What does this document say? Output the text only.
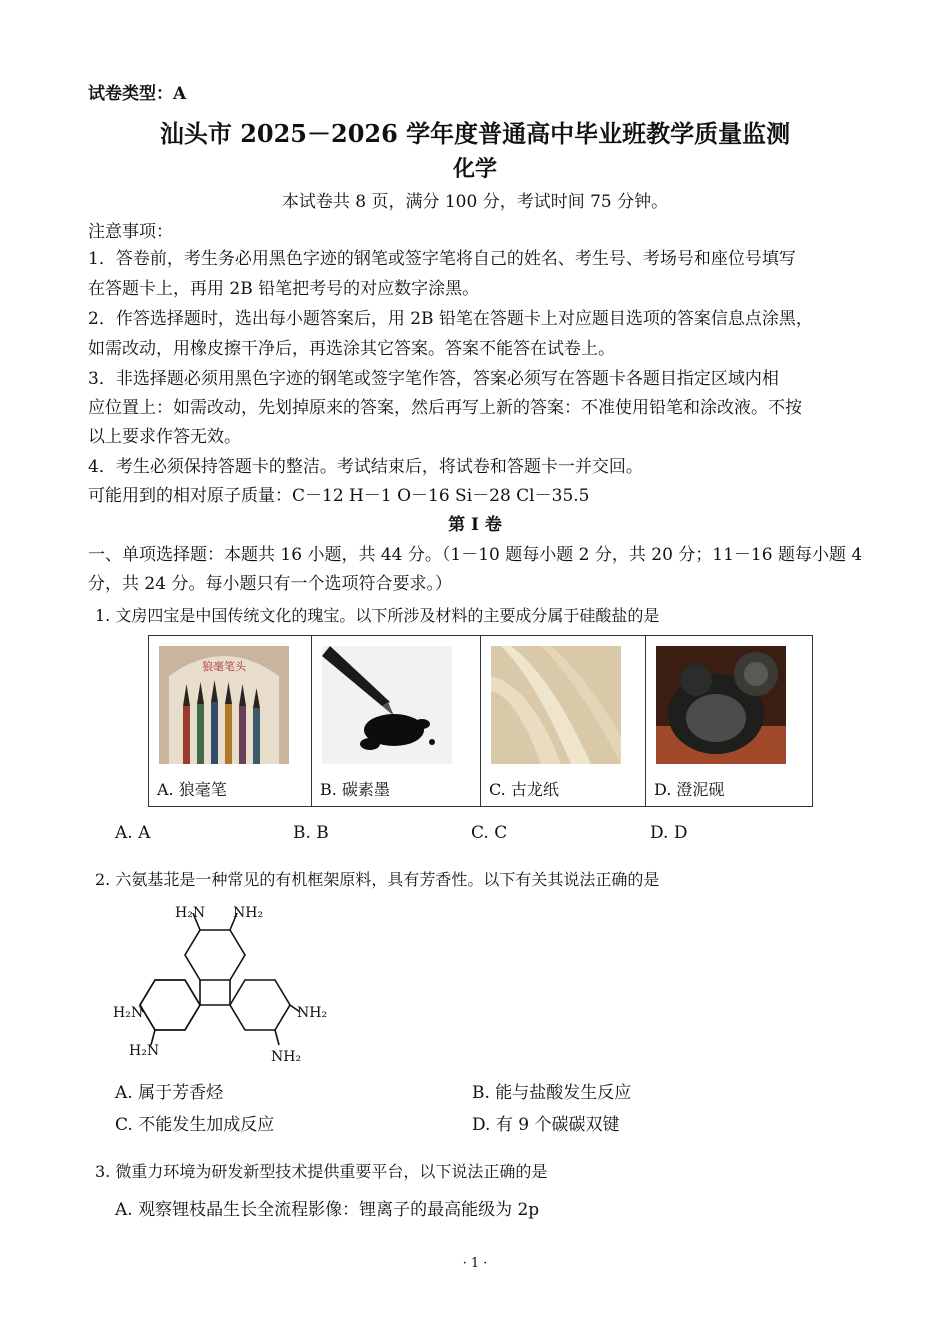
试卷类型：A
汕头市 2025－2026 学年度普通高中毕业班教学质量监测
化学
本试卷共 8 页，满分 100 分，考试时间 75 分钟。
注意事项：
1．答卷前，考生务必用黑色字迹的钢笔或签字笔将自己的姓名、考生号、考场号和座位号填写
在答题卡上，再用 2B 铅笔把考号的对应数字涂黑。
2．作答选择题时，选出每小题答案后，用 2B 铅笔在答题卡上对应题目选项的答案信息点涂黑，
如需改动，用橡皮擦干净后，再选涂其它答案。答案不能答在试卷上。
3．非选择题必须用黑色字迹的钢笔或签字笔作答，答案必须写在答题卡各题目指定区域内相
应位置上：如需改动，先划掉原来的答案，然后再写上新的答案：不准使用铅笔和涂改液。不按
以上要求作答无效。
4．考生必须保持答题卡的整洁。考试结束后，将试卷和答题卡一并交回。
可能用到的相对原子质量：C－12 H－1 O－16 Si－28 Cl－35.5
第 I 卷
一、单项选择题：本题共 16 小题，共 44 分。（1－10 题每小题 2 分，共 20 分；11－16 题每小题 4
分，共 24 分。每小题只有一个选项符合要求。）
1. 文房四宝是中国传统文化的瑰宝。以下所涉及材料的主要成分属于硅酸盐的是
狼毫笔头
A. 狼毫笔	B. 碳素墨	C. 古龙纸	D. 澄泥砚
A. A	B. B	C. C	D. D
2. 六氨基苝是一种常见的有机框架原料，具有芳香性。以下有关其说法正确的是
H₂N NH₂
H₂N	NH₂
H₂N	NH₂
A. 属于芳香烃	B. 能与盐酸发生反应
C. 不能发生加成反应	D. 有 9 个碳碳双键
3. 微重力环境为研发新型技术提供重要平台，以下说法正确的是
A. 观察锂枝晶生长全流程影像：锂离子的最高能级为 2p
· 1 ·
